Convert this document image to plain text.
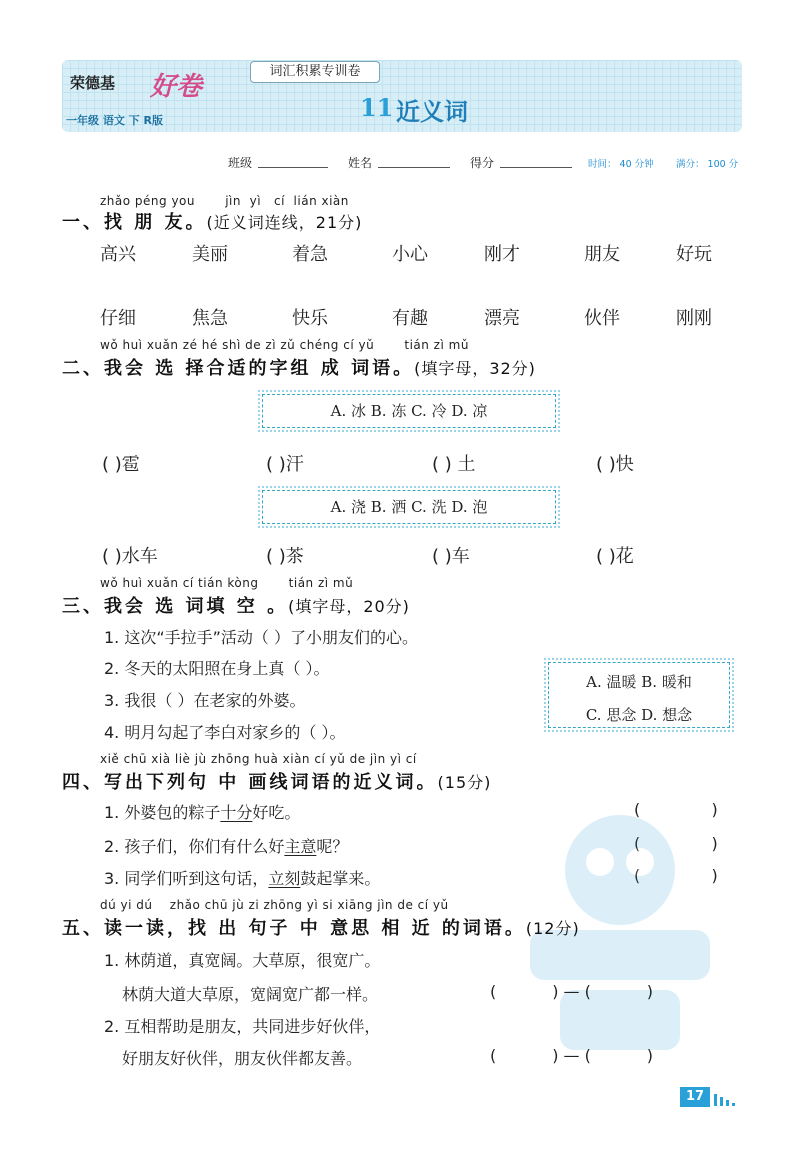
荣德基 好卷
一年级 语文 下 R版
词汇积累专训卷
11 近义词
班级	姓名	得分	时间： 40 分钟 满分： 100 分
zhǎo péng you       jìn  yì   cí  lián xiàn
一、找 朋 友。(近义词连线，21分)
高兴	美丽	着急	小心	刚才	朋友	好玩
仔细	焦急	快乐	有趣	漂亮	伙伴	刚刚
wǒ huì xuǎn zé hé shì de zì zǔ chéng cí yǔ       tián zì mǔ
二、我会 选 择合适的字组 成 词语。(填字母，32分)
A. 冰 B. 冻 C. 冷 D. 凉
( )雹	( )汗	( ) 土	( )快
A. 浇 B. 洒 C. 洗 D. 泡
( )水车	( )茶	( )车	( )花
wǒ huì xuǎn cí tián kòng       tián zì mǔ
三、我会 选 词填 空 。(填字母，20分)
1. 这次“手拉手”活动（ ）了小朋友们的心。
2. 冬天的太阳照在身上真（ ）。
3. 我很（ ）在老家的外婆。
4. 明月勾起了李白对家乡的（ ）。
A. 温暖 B. 暖和
C. 思念 D. 想念
xiě chū xià liè jù zhōng huà xiàn cí yǔ de jìn yì cí
四、写出下列句 中 画线词语的近义词。(15分)
1. 外婆包的粽子十分好吃。	(              )
2. 孩子们，你们有什么好主意呢？	(              )
3. 同学们听到这句话，立刻鼓起掌来。	(              )
dú yi dú    zhǎo chū jù zi zhōng yì si xiāng jìn de cí yǔ
五、读一读，找 出 句子 中 意思 相 近 的词语。(12分)
1. 林荫道，真宽阔。大草原，很宽广。
林荫大道大草原，宽阔宽广都一样。	(           ) — (           )
2. 互相帮助是朋友，共同进步好伙伴，
好朋友好伙伴，朋友伙伴都友善。	(           ) — (           )
17
